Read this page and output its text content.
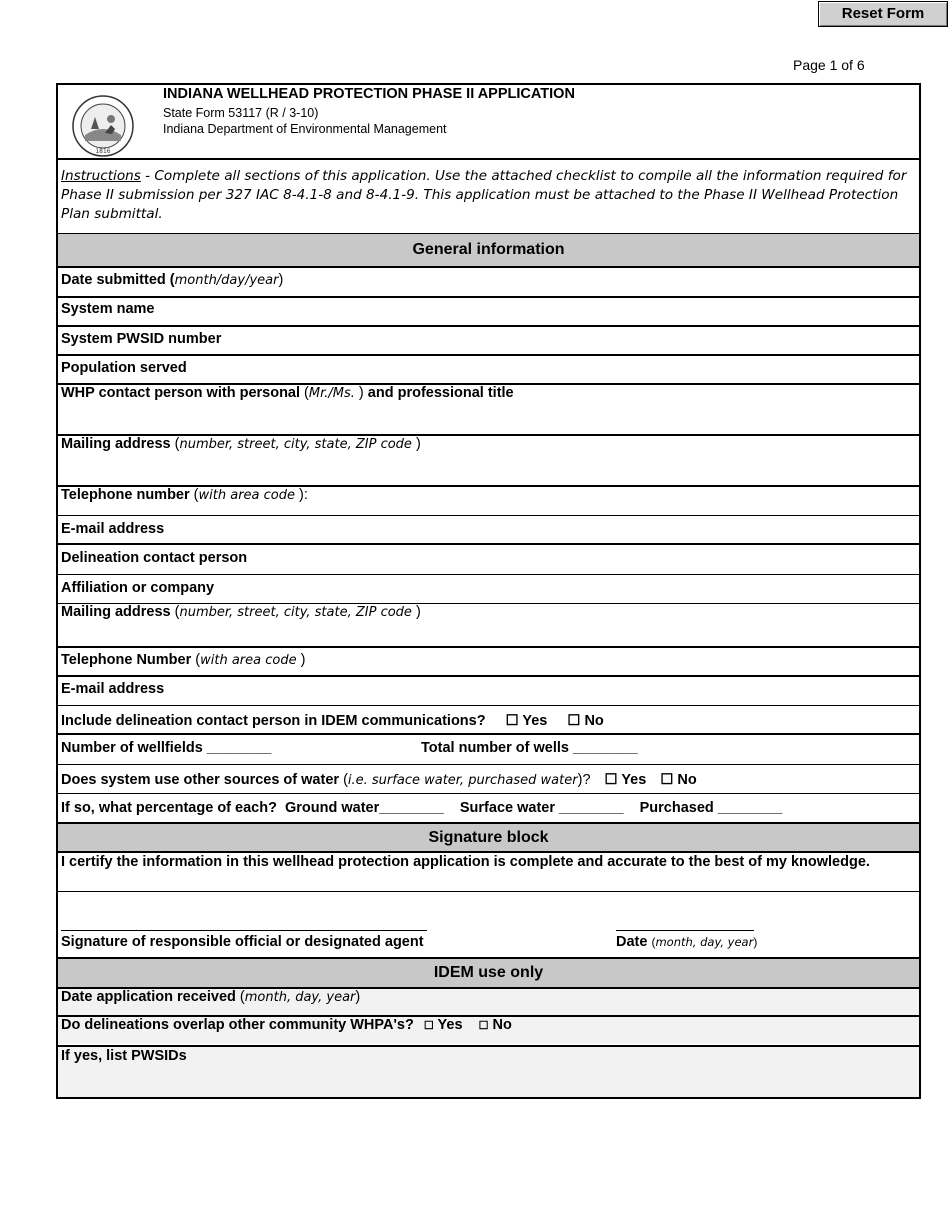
Reset Form
Page 1 of 6
1816
INDIANA WELLHEAD PROTECTION PHASE II APPLICATION
State Form 53117 (R / 3-10)
Indiana Department of Environmental Management
Instructions - Complete all sections of this application. Use the attached checklist to compile all the information required for Phase II submission per 327 IAC 8-4.1-8 and 8-4.1-9. This application must be attached to the Phase II Wellhead Protection Plan submittal.
General information
Date submitted (month/day/year)
System name
System PWSID number
Population served
WHP contact person with personal (Mr./Ms. ) and professional title
Mailing address (number, street, city, state, ZIP code )
Telephone number (with area code ):
E-mail address
Delineation contact person
Affiliation or company
Mailing address (number, street, city, state, ZIP code )
Telephone Number (with area code )
E-mail address
Include delineation contact person in IDEM communications? ☐ Yes ☐ No
Number of wellfields ________	Total number of wells ________
Does system use other sources of water (i.e. surface water, purchased water)? ☐ Yes ☐ No
If so, what percentage of each?  Ground water________    Surface water ________    Purchased ________
Signature block
I certify the information in this wellhead protection application is complete and accurate to the best of my knowledge.
Signature of responsible official or designated agent	Date (month, day, year)
IDEM use only
Date application received (month, day, year)
Do delineations overlap other community WHPA's? ☐ Yes ☐ No
If yes, list PWSIDs
